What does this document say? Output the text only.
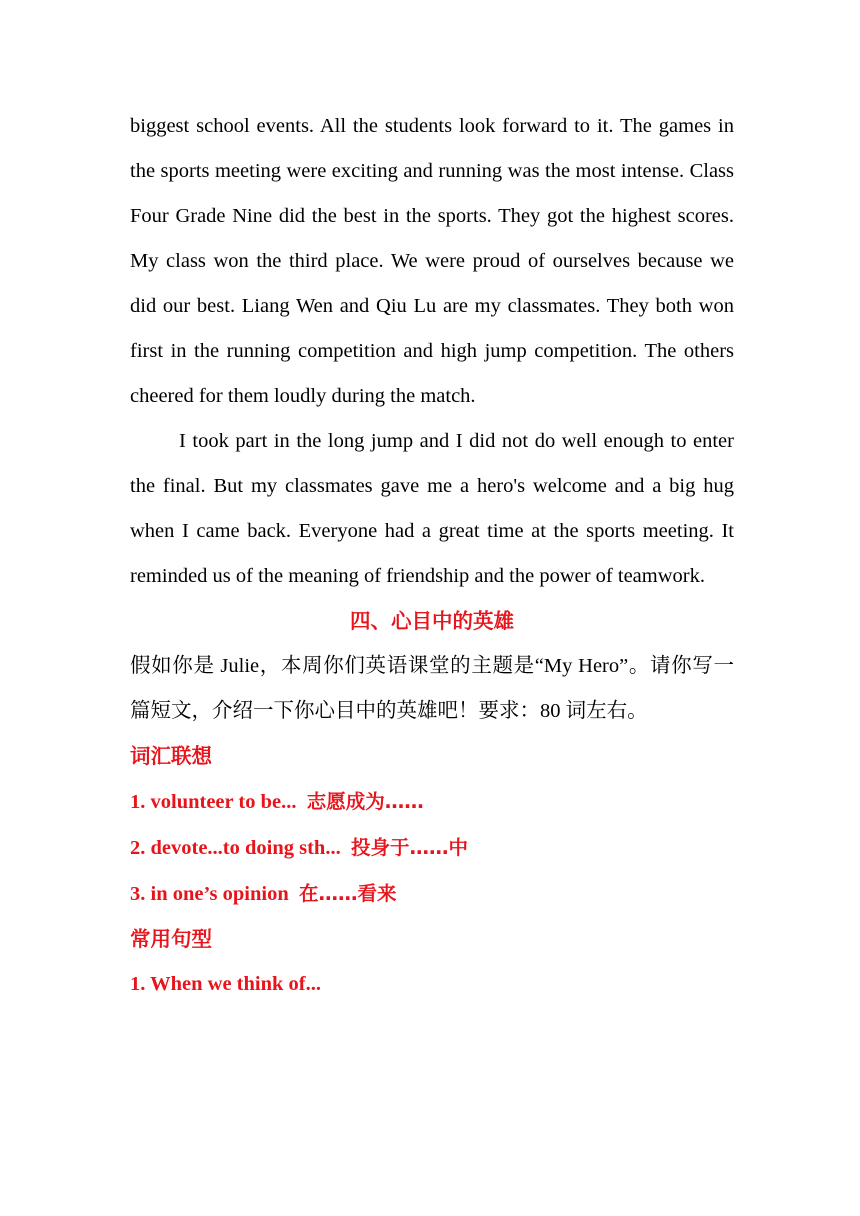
biggest school events. All the students look forward to it. The games in the sports meeting were exciting and running was the most intense. Class Four Grade Nine did the best in the sports. They got the highest scores. My class won the third place. We were proud of ourselves because we did our best. Liang Wen and Qiu Lu are my classmates. They both won first in the running competition and high jump competition. The others cheered for them loudly during the match.

I took part in the long jump and I did not do well enough to enter the final. But my classmates gave me a hero's welcome and a big hug when I came back. Everyone had a great time at the sports meeting. It reminded us of the meaning of friendship and the power of teamwork.

四、心目中的英雄

假如你是 Julie，本周你们英语课堂的主题是“My Hero”。请你写一篇短文，介绍一下你心目中的英雄吧！要求：80 词左右。

词汇联想

1. volunteer to be... 志愿成为……

2. devote...to doing sth... 投身于……中

3. in one’s opinion 在……看来

常用句型

1. When we think of...
